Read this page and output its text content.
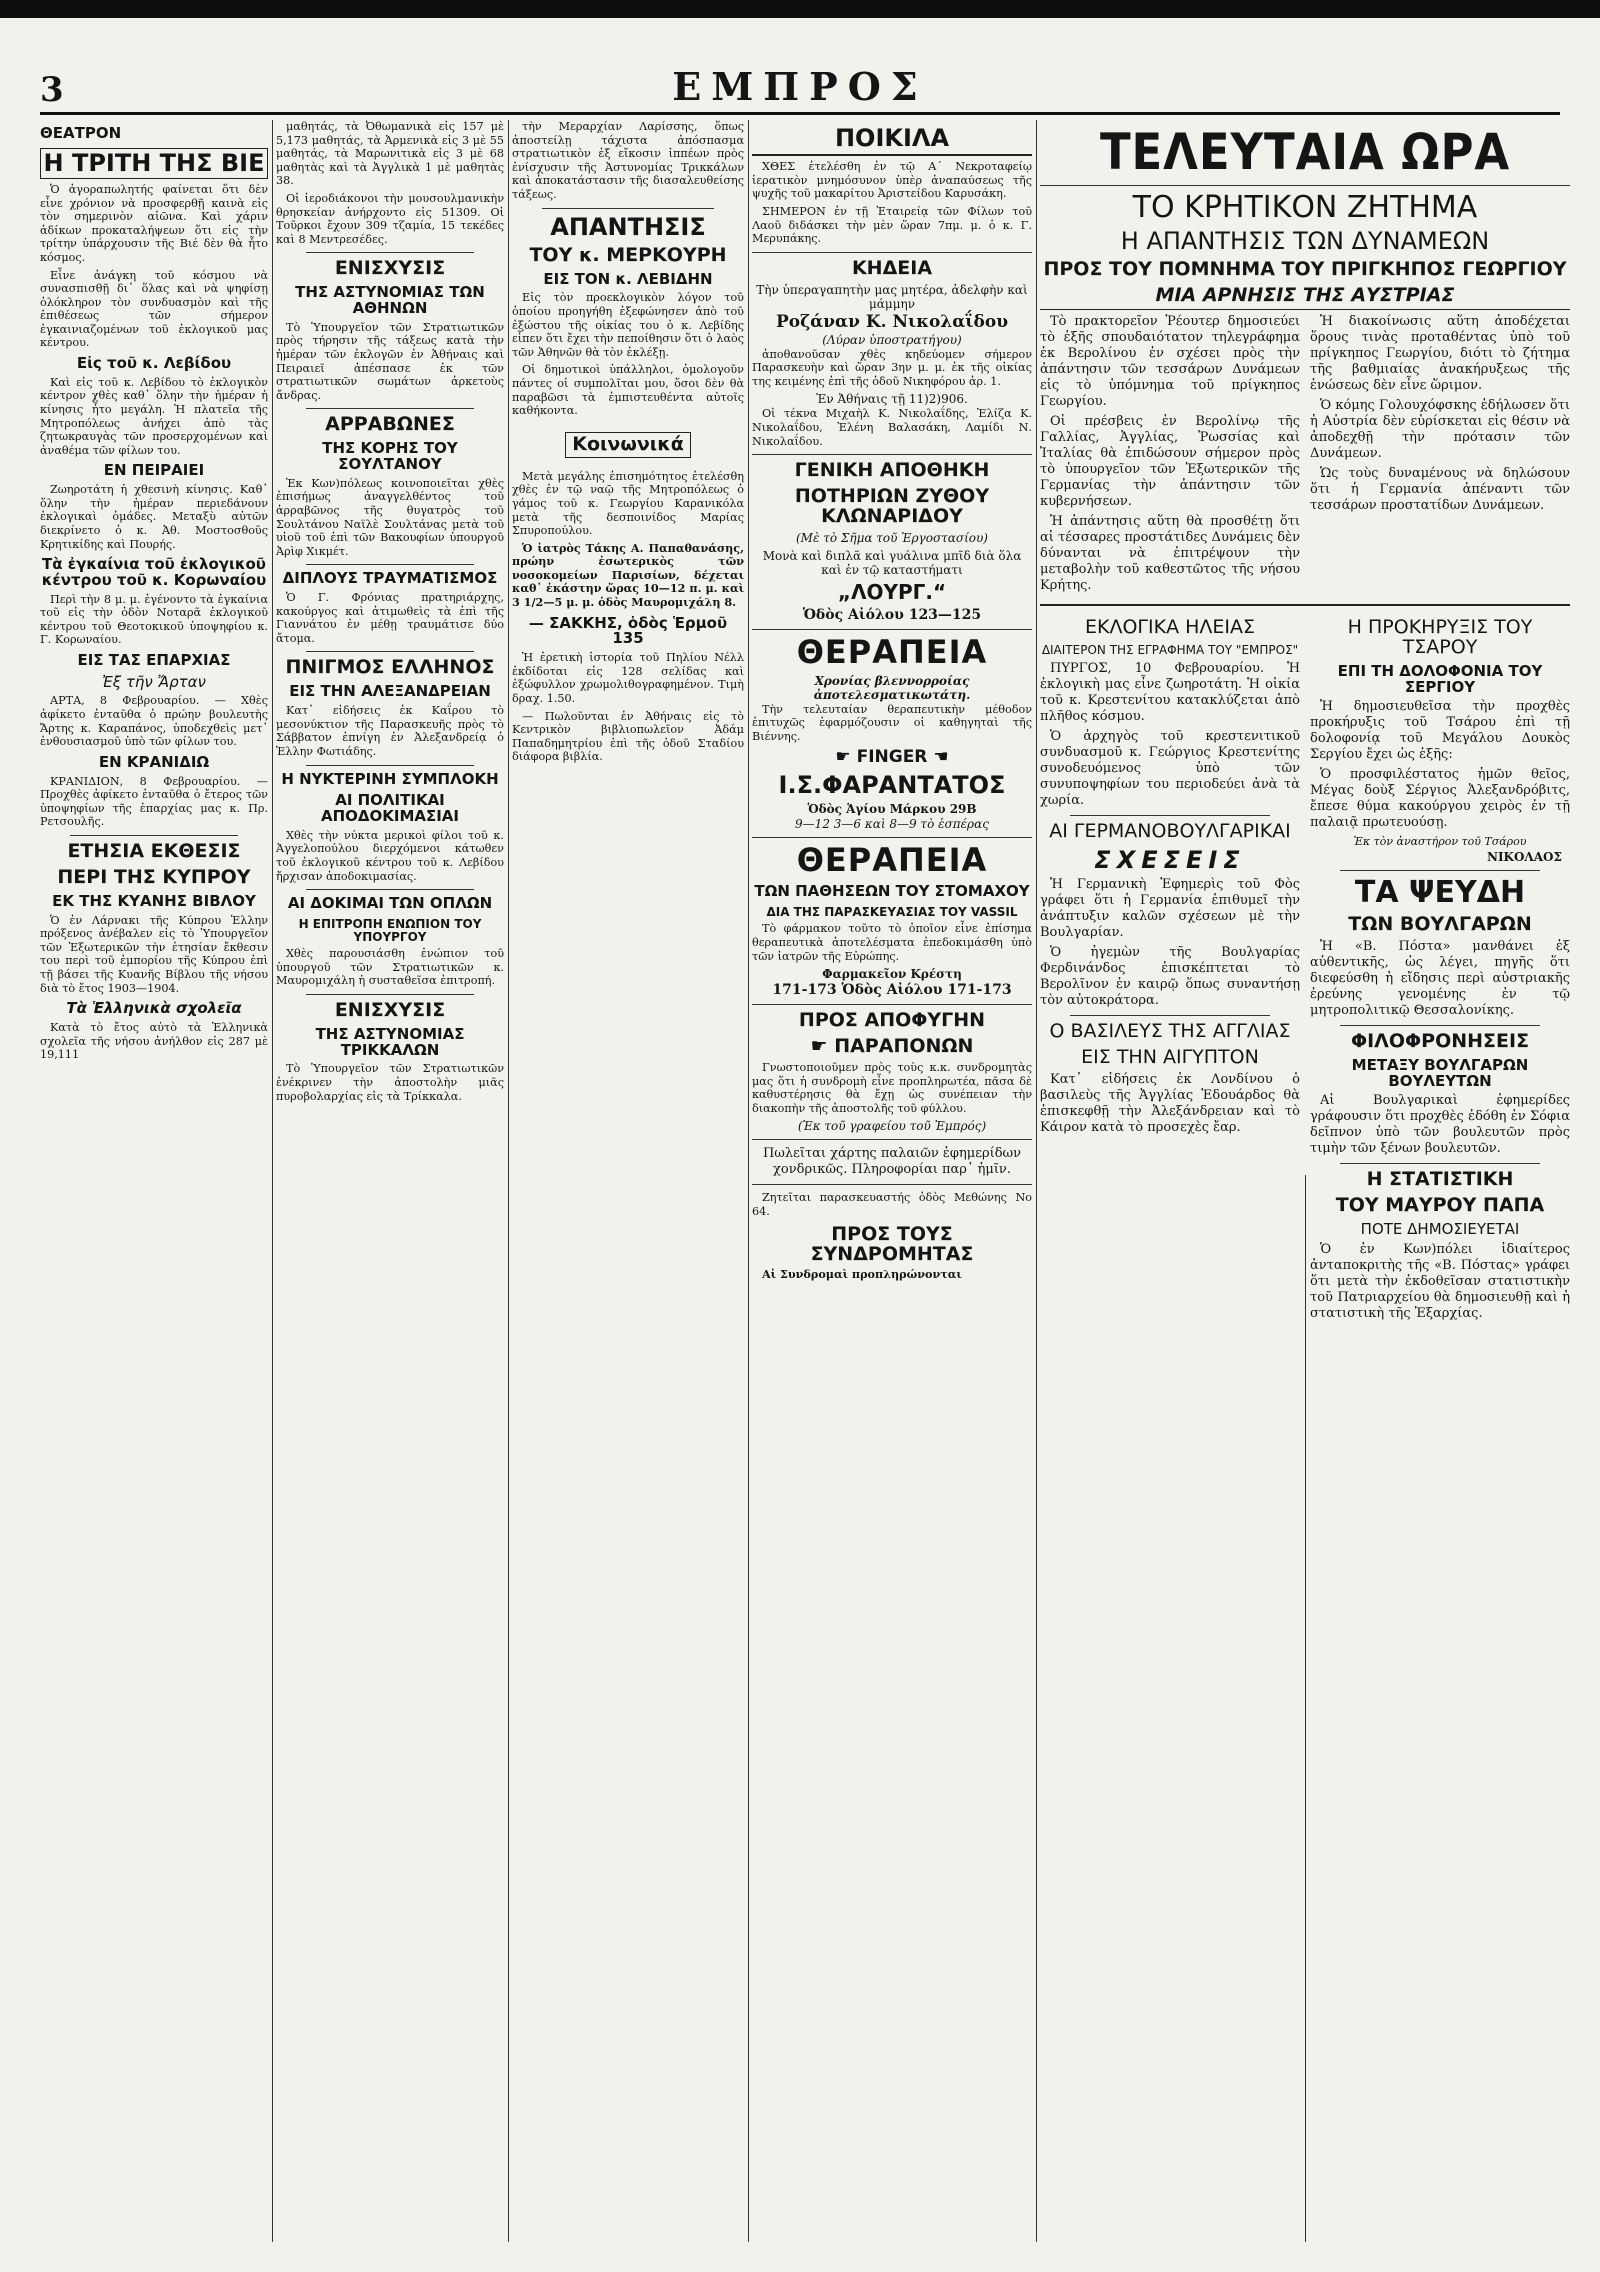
3	ΕΜΠΡΟΣ
ΘΕΑΤΡΟΝ
Η ΤΡΙΤΗ ΤΗΣ ΒΙΕ

Ὁ ἀγοραπωλητής φαίνεται ὅτι δὲν εἶνε χρόνιον νὰ προσφερθῇ καινὰ εἰς τὸν σημερινὸν αἰῶνα. Καὶ χάριν ἀδίκων προκαταλήψεων ὅτι εἰς τὴν τρίτην ὑπάρχουσιν τῆς Βιέ δὲν θὰ ἦτο κόσμος.

Εἶνε ἀνάγκη τοῦ κόσμου νὰ συνασπισθῇ δι᾽ ὅλας καὶ νὰ ψηφίσῃ ὁλόκληρον τὸν συνδυασμὸν καὶ τῆς ἐπιθέσεως τῶν σήμερον ἐγκαινιαζομένων τοῦ ἐκλογικοῦ μας κέντρου.

Εἰς τοῦ κ. Λεβίδου

Καὶ εἰς τοῦ κ. Λεβίδου τὸ ἐκλογικὸν κέντρον χθὲς καθ᾽ ὅλην τὴν ἡμέραν ἡ κίνησις ἦτο μεγάλη. Ἡ πλατεῖα τῆς Μητροπόλεως ἀνήχει ἀπὸ τὰς ζητωκραυγὰς τῶν προσερχομένων καὶ ἀναθέμα τῶν φίλων του.

ΕΝ ΠΕΙΡΑΙΕΙ

Ζωηροτάτη ἡ χθεσινὴ κίνησις. Καθ᾽ ὅλην τὴν ἡμέραν περιεδάνουν ἐκλογικαὶ ὁμάδες. Μεταξὺ αὐτῶν διεκρίνετο ὁ κ. Ἀθ. Μοστοσθοῦς Κρητικίδης καὶ Πουρής.

Τὰ ἐγκαίνια τοῦ ἐκλογικοῦ κέντρου τοῦ κ. Κορωναίου

Περὶ τὴν 8 μ. μ. ἐγένοντο τὰ ἐγκαίνια τοῦ εἰς τὴν ὁδὸν Νοταρᾶ ἐκλογικοῦ κέντρου τοῦ Θεοτοκικοῦ ὑποψηφίου κ. Γ. Κορωναίου.

ΕΙΣ ΤΑΣ ΕΠΑΡΧΙΑΣ
Ἐξ τῆν Ἄρταν

ΑΡΤΑ, 8 Φεβρουαρίου. — Χθὲς ἀφίκετο ἐνταῦθα ὁ πρώην βουλευτὴς Ἄρτης κ. Καραπάνος, ὑποδεχθεὶς μετ᾽ ἐνθουσιασμοῦ ὑπὸ τῶν φίλων του.

ΕΝ ΚΡΑΝΙΔΙΩ

ΚΡΑΝΙΔΙΟΝ, 8 Φεβρουαρίου. — Προχθὲς ἀφίκετο ἐνταῦθα ὁ ἔτερος τῶν ὑποψηφίων τῆς ἐπαρχίας μας κ. Πρ. Ρετσουλῆς.

ΕΤΗΣΙΑ ΕΚΘΕΣΙΣ
ΠΕΡΙ ΤΗΣ ΚΥΠΡΟΥ
ΕΚ ΤΗΣ ΚΥΑΝΗΣ ΒΙΒΛΟΥ

Ὁ ἐν Λάρνακι τῆς Κύπρου Ἑλλην πρόξενος ἀνέβαλεν εἰς τὸ Ὑπουργεῖον τῶν Ἐξωτερικῶν τὴν ἐτησίαν ἔκθεσιν του περὶ τοῦ ἐμπορίου τῆς Κύπρου ἐπὶ τῇ βάσει τῆς Κυανῆς Βίβλου τῆς νήσου διὰ τὸ ἔτος 1903—1904.

Τὰ Ἑλληνικὰ σχολεῖα

Κατὰ τὸ ἔτος αὐτὸ τὰ Ἑλληνικὰ σχολεῖα τῆς νήσου ἀνήλθον εἰς 287 μὲ 19,111

μαθητάς, τὰ Ὀθωμανικὰ εἰς 157 μὲ 5,173 μαθητάς, τὰ Ἀρμενικὰ εἰς 3 μὲ 55 μαθητάς, τὰ Μαρωνιτικὰ εἰς 3 μὲ 68 μαθητὰς καὶ τὰ Ἀγγλικὰ 1 μὲ μαθητὰς 38.

Οἱ ἱεροδιάκονοι τὴν μουσουλμανικὴν θρησκείαν ἀνήρχοντο εἰς 51309. Οἱ Τοῦρκοι ἔχουν 309 τζαμία, 15 τεκέδες καὶ 8 Μεντρεσέδες.

ΕΝΙΣΧΥΣΙΣ
ΤΗΣ ΑΣΤΥΝΟΜΙΑΣ ΤΩΝ ΑΘΗΝΩΝ

Τὸ Ὑπουργεῖον τῶν Στρατιωτικῶν πρὸς τήρησιν τῆς τάξεως κατὰ τὴν ἡμέραν τῶν ἐκλογῶν ἐν Ἀθήναις καὶ Πειραιεῖ ἀπέσπασε ἐκ τῶν στρατιωτικῶν σωμάτων ἀρκετοὺς ἄνδρας.

ΑΡΡΑΒΩΝΕΣ
ΤΗΣ ΚΟΡΗΣ ΤΟΥ ΣΟΥΛΤΑΝΟΥ

Ἐκ Κων)πόλεως κοινοποιεῖται χθὲς ἐπισήμως ἀναγγελθέντος τοῦ ἀρραβῶνος τῆς θυγατρὸς τοῦ Σουλτάνου Ναϊλὲ Σουλτάνας μετὰ τοῦ υἱοῦ τοῦ ἐπὶ τῶν Βακουφίων ὑπουργοῦ Ἀρὶφ Χικμέτ.

ΔΙΠΛΟΥΣ ΤΡΑΥΜΑΤΙΣΜΟΣ

Ὁ Γ. Φρόνιας πρατηριάρχης, κακούργος καὶ ἀτιμωθεὶς τὰ ἐπὶ τῆς Γιαννάτου ἐν μέθῃ τραυμάτισε δύο ἄτομα.

ΠΝΙΓΜΟΣ ΕΛΛΗΝΟΣ
ΕΙΣ ΤΗΝ ΑΛΕΞΑΝΔΡΕΙΑΝ

Κατ᾽ εἰδήσεις ἐκ Καΐρου τὸ μεσονύκτιον τῆς Παρασκευῆς πρὸς τὸ Σάββατον ἐπνίγη ἐν Ἀλεξανδρείᾳ ὁ Ἑλλην Φωτιάδης.

Η ΝΥΚΤΕΡΙΝΗ ΣΥΜΠΛΟΚΗ
ΑΙ ΠΟΛΙΤΙΚΑΙ ΑΠΟΔΟΚΙΜΑΣΙΑΙ

Χθὲς τὴν νύκτα μερικοὶ φίλοι τοῦ κ. Ἀγγελοπούλου διερχόμενοι κάτωθεν τοῦ ἐκλογικοῦ κέντρου τοῦ κ. Λεβίδου ἤρχισαν ἀποδοκιμασίας.

ΑΙ ΔΟΚΙΜΑΙ ΤΩΝ ΟΠΛΩΝ
Η ΕΠΙΤΡΟΠΗ ΕΝΩΠΙΟΝ ΤΟΥ ΥΠΟΥΡΓΟΥ

Χθὲς παρουσιάσθη ἐνώπιον τοῦ ὑπουργοῦ τῶν Στρατιωτικῶν κ. Μαυρομιχάλη ἡ συσταθεῖσα ἐπιτροπή.

ΕΝΙΣΧΥΣΙΣ
ΤΗΣ ΑΣΤΥΝΟΜΙΑΣ ΤΡΙΚΚΑΛΩΝ

Τὸ Ὑπουργεῖον τῶν Στρατιωτικῶν ἐνέκρινεν τὴν ἀποστολὴν μιᾶς πυροβολαρχίας εἰς τὰ Τρίκκαλα.

τὴν Μεραρχίαν Λαρίσσης, ὅπως ἀποστείλῃ τάχιστα ἀπόσπασμα στρατιωτικὸν ἐξ εἴκοσιν ἱππέων πρὸς ἐνίσχυσιν τῆς Ἀστυνομίας Τρικκάλων καὶ ἀποκατάστασιν τῆς διασαλευθείσης τάξεως.

ΑΠΑΝΤΗΣΙΣ
ΤΟΥ κ. ΜΕΡΚΟΥΡΗ
ΕΙΣ ΤΟΝ κ. ΛΕΒΙΔΗΝ

Εἰς τὸν προεκλογικὸν λόγον τοῦ ὁποίου προηγήθη ἐξεφώνησεν ἀπὸ τοῦ ἐξώστου τῆς οἰκίας του ὁ κ. Λεβίδης εἶπεν ὅτι ἔχει τὴν πεποίθησιν ὅτι ὁ λαὸς τῶν Ἀθηνῶν θὰ τὸν ἐκλέξῃ.

Οἱ δημοτικοὶ ὑπάλληλοι, ὁμολογοῦν πάντες οἱ συμπολῖται μου, ὅσοι δὲν θὰ παραβῶσι τὰ ἐμπιστευθέντα αὐτοῖς καθήκοντα.

Κοινωνικά

Μετὰ μεγάλης ἐπισημότητος ἐτελέσθη χθὲς ἐν τῷ ναῷ τῆς Μητροπόλεως ὁ γάμος τοῦ κ. Γεωργίου Καρανικόλα μετὰ τῆς δεσποινίδος Μαρίας Σπυροπούλου.

Ὁ ἰατρὸς Τάκης Α. Παπαθανάσης, πρώην ἐσωτερικὸς τῶν νοσοκομείων Παρισίων, δέχεται καθ᾽ ἑκάστην ὥρας 10—12 π. μ. καὶ 3 1/2—5 μ. μ. ὁδὸς Μαυρομιχάλη 8.

— ΣΑΚΚΗΣ, ὁδὸς Ἑρμοῦ 135

Ἡ ἐρετικὴ ἱστορία τοῦ Πηλίου Νέλλ ἐκδίδοται εἰς 128 σελίδας καὶ ἐξώφυλλον χρωμολιθογραφημένον. Τιμὴ δραχ. 1.50.

— Πωλοῦνται ἐν Ἀθήναις εἰς τὸ Κεντρικὸν βιβλιοπωλεῖον Ἀδάμ Παπαδημητρίου ἐπὶ τῆς ὁδοῦ Σταδίου διάφορα βιβλία.

ΠΟΙΚΙΛΑ

ΧΘΕΣ ἐτελέσθη ἐν τῷ Α΄ Νεκροταφείῳ ἱερατικὸν μνημόσυνον ὑπὲρ ἀναπαύσεως τῆς ψυχῆς τοῦ μακαρίτου Ἀριστείδου Καρυσάκη.

ΣΗΜΕΡΟΝ ἐν τῇ Ἐταιρείᾳ τῶν Φίλων τοῦ Λαοῦ διδάσκει τὴν μὲν ὥραν 7πμ. μ. ὁ κ. Γ. Μερυπάκης.

ΚΗΔΕΙΑ
Τὴν ὑπεραγαπητὴν μας μητέρα, ἀδελφὴν καὶ μάμμην
Ροζάναν Κ. Νικολαΐδου
(Λύραν ὑποστρατήγου)

ἀποθανοῦσαν χθὲς κηδεύομεν σήμερον Παρασκευὴν καὶ ὥραν 3ην μ. μ. ἐκ τῆς οἰκίας της κειμένης ἐπὶ τῆς ὁδοῦ Νικηφόρου ἀρ. 1.

Ἐν Ἀθήναις τῇ 11)2)906.

Οἱ τέκνα Μιχαὴλ Κ. Νικολαΐδης, Ἐλίζα Κ. Νικολαΐδου, Ἑλένη Βαλασάκη, Λαμίδι Ν. Νικολαΐδου.

ΓΕΝΙΚΗ ΑΠΟΘΗΚΗ
ΠΟΤΗΡΙΩΝ ΖΥΘΟΥ ΚΛΩΝΑΡΙΔΟΥ
(Μὲ τὸ Σῆμα τοῦ Ἐργοστασίου)
Μονὰ καὶ διπλᾶ καὶ γυάλινα μπῖδ διὰ ὅλα καὶ ἐν τῷ καταστήματι
„ΛΟΥΡΓ.“
Ὁδὸς Αἰόλου 123—125
ΘΕΡΑΠΕΙΑ
Χρονίας βλεννορροίας ἀποτελεσματικωτάτη.

Τὴν τελευταίαν θεραπευτικὴν μέθοδον ἐπιτυχῶς ἐφαρμόζουσιν οἱ καθηγηταὶ τῆς Βιέννης.

☛ FINGER ☚
Ι.Σ.ΦΑΡΑΝΤΑΤΟΣ
Ὁδὸς Ἁγίου Μάρκου 29Β
9—12 3—6 καὶ 8—9 τὸ ἑσπέρας
ΘΕΡΑΠΕΙΑ
ΤΩΝ ΠΑΘΗΣΕΩΝ ΤΟΥ ΣΤΟΜΑΧΟΥ
ΔΙΑ ΤΗΣ ΠΑΡΑΣΚΕΥΑΣΙΑΣ ΤΟΥ VASSIL

Τὸ φάρμακον τοῦτο τὸ ὁποῖον εἶνε ἐπίσημα θεραπευτικὰ ἀποτελέσματα ἐπεδοκιμάσθη ὑπὸ τῶν ἰατρῶν τῆς Εὐρώπης.

Φαρμακεῖον Κρέστη
171-173 Ὁδὸς Αἰόλου 171-173
ΠΡΟΣ ΑΠΟΦΥΓΗΝ
☛ ΠΑΡΑΠΟΝΩΝ

Γνωστοποιοῦμεν πρὸς τοὺς κ.κ. συνδρομητὰς μας ὅτι ἡ συνδρομὴ εἶνε προπληρωτέα, πᾶσα δὲ καθυστέρησις θὰ ἔχῃ ὡς συνέπειαν τὴν διακοπὴν τῆς ἀποστολῆς τοῦ φύλλου.

(Ἐκ τοῦ γραφείου τοῦ Ἐμπρός)

Πωλεῖται χάρτης παλαιῶν ἐφημερίδων χονδρικῶς. Πληροφορίαι παρ᾽ ἡμῖν.

Ζητεῖται παρασκευαστής ὁδὸς Μεθώνης Νο 64.

ΠΡΟΣ ΤΟΥΣ ΣΥΝΔΡΟΜΗΤΑΣ

Αἱ Συνδρομαὶ προπληρώνονται

ΤΕΛΕΥΤΑΙΑ ΩΡΑ
ΤΟ ΚΡΗΤΙΚΟΝ ΖΗΤΗΜΑ
Η ΑΠΑΝΤΗΣΙΣ ΤΩΝ ΔΥΝΑΜΕΩΝ
ΠΡΟΣ ΤΟΥ ΠΟΜΝΗΜΑ ΤΟΥ ΠΡΙΓΚΗΠΟΣ ΓΕΩΡΓΙΟΥ
ΜΙΑ ΑΡΝΗΣΙΣ ΤΗΣ ΑΥΣΤΡΙΑΣ

Τὸ πρακτορεῖον Ῥέουτερ δημοσιεύει τὸ ἐξῆς σπουδαιότατον τηλεγράφημα ἐκ Βερολίνου ἐν σχέσει πρὸς τὴν ἀπάντησιν τῶν τεσσάρων Δυνάμεων εἰς τὸ ὑπόμνημα τοῦ πρίγκηπος Γεωργίου.

Οἱ πρέσβεις ἐν Βερολίνῳ τῆς Γαλλίας, Ἀγγλίας, Ῥωσσίας καὶ Ἰταλίας θὰ ἐπιδώσουν σήμερον πρὸς τὸ ὑπουργεῖον τῶν Ἐξωτερικῶν τῆς Γερμανίας τὴν ἀπάντησιν τῶν κυβερνήσεων.

Ἡ ἀπάντησις αὕτη θὰ προσθέτῃ ὅτι αἱ τέσσαρες προστάτιδες Δυνάμεις δὲν δύνανται νὰ ἐπιτρέψουν τὴν μεταβολὴν τοῦ καθεστῶτος τῆς νήσου Κρήτης.

Ἡ διακοίνωσις αὕτη ἀποδέχεται ὅρους τινὰς προταθέντας ὑπὸ τοῦ πρίγκηπος Γεωργίου, διότι τὸ ζήτημα τῆς βαθμιαίας ἀνακήρυξεως τῆς ἑνώσεως δὲν εἶνε ὥριμον.

Ὁ κόμης Γολουχόφσκης ἐδήλωσεν ὅτι ἡ Αὐστρία δὲν εὑρίσκεται εἰς θέσιν νὰ ἀποδεχθῇ τὴν πρότασιν τῶν Δυνάμεων.

Ὡς τοὺς δυναμένους νὰ δηλώσουν ὅτι ἡ Γερμανία ἀπέναντι τῶν τεσσάρων προστατίδων Δυνάμεων.

ΕΚΛΟΓΙΚΑ ΗΛΕΙΑΣ
ΔΙΑΙΤΕΡΟΝ ΤΗΣ ΕΓΡΑΦΗΜΑ ΤΟΥ "ΕΜΠΡΟΣ"

ΠΥΡΓΟΣ, 10 Φεβρουαρίου. Ἡ ἐκλογικὴ μας εἶνε ζωηροτάτη. Ἡ οἰκία τοῦ κ. Κρεστενίτου κατακλύζεται ἀπὸ πλῆθος κόσμου.

Ὁ ἀρχηγὸς τοῦ κρεστενιτικοῦ συνδυασμοῦ κ. Γεώργιος Κρεστενίτης συνοδευόμενος ὑπὸ τῶν συνυποψηφίων του περιοδεύει ἀνὰ τὰ χωρία.

ΑΙ ΓΕΡΜΑΝΟΒΟΥΛΓΑΡΙΚΑΙ
ΣΧΕΣΕΙΣ

Ἡ Γερμανικὴ Ἐφημερὶς τοῦ Φὸς γράφει ὅτι ἡ Γερμανία ἐπιθυμεῖ τὴν ἀνάπτυξιν καλῶν σχέσεων μὲ τὴν Βουλγαρίαν.

Ὁ ἡγεμὼν τῆς Βουλγαρίας Φερδινάνδος ἐπισκέπτεται τὸ Βερολῖνον ἐν καιρῷ ὅπως συναντήσῃ τὸν αὐτοκράτορα.

Ο ΒΑΣΙΛΕΥΣ ΤΗΣ ΑΓΓΛΙΑΣ
ΕΙΣ ΤΗΝ ΑΙΓΥΠΤΟΝ

Κατ᾽ εἰδήσεις ἐκ Λονδίνου ὁ βασιλεὺς τῆς Ἀγγλίας Ἐδουάρδος θὰ ἐπισκεφθῇ τὴν Ἀλεξάνδρειαν καὶ τὸ Κάιρον κατὰ τὸ προσεχὲς ἔαρ.

Η ΠΡΟΚΗΡΥΞΙΣ ΤΟΥ ΤΣΑΡΟΥ
ΕΠΙ ΤΗ ΔΟΛΟΦΟΝΙΑ ΤΟΥ ΣΕΡΓΙΟΥ

Ἡ δημοσιευθεῖσα τὴν προχθὲς προκήρυξις τοῦ Τσάρου ἐπὶ τῇ δολοφονίᾳ τοῦ Μεγάλου Δουκὸς Σεργίου ἔχει ὡς ἑξῆς:

Ὁ προσφιλέστατος ἡμῶν θεῖος, Μέγας δοὺξ Σέργιος Ἀλεξανδρόβιτς, ἔπεσε θύμα κακούργου χειρὸς ἐν τῇ παλαιᾷ πρωτευούσῃ.

Ἐκ τὸν ἀναστήρον τοῦ Τσάρου
ΝΙΚΟΛΑΟΣ
ΤΑ ΨΕΥΔΗ
ΤΩΝ ΒΟΥΛΓΑΡΩΝ

Ἡ «Β. Πόστα» μανθάνει ἐξ αὐθεντικῆς, ὡς λέγει, πηγῆς ὅτι διεφεύσθη ἡ εἴδησις περὶ αὐστριακῆς ἐρεύνης γενομένης ἐν τῷ μητροπολιτικῷ Θεσσαλονίκης.

ΦΙΛΟΦΡΟΝΗΣΕΙΣ
ΜΕΤΑΞΥ ΒΟΥΛΓΑΡΩΝ ΒΟΥΛΕΥΤΩΝ

Αἱ Βουλγαρικαὶ ἐφημερίδες γράφουσιν ὅτι προχθὲς ἐδόθη ἐν Σόφια δεῖπνον ὑπὸ τῶν βουλευτῶν πρὸς τιμὴν τῶν ξένων βουλευτῶν.

Η ΣΤΑΤΙΣΤΙΚΗ
ΤΟΥ ΜΑΥΡΟΥ ΠΑΠΑ
ΠΟΤΕ ΔΗΜΟΣΙΕΥΕΤΑΙ

Ὁ ἐν Κων)πόλει ἰδιαίτερος ἀνταποκριτὴς τῆς «Β. Πόστας» γράφει ὅτι μετὰ τὴν ἐκδοθεῖσαν στατιστικὴν τοῦ Πατριαρχείου θὰ δημοσιευθῇ καὶ ἡ στατιστικὴ τῆς Ἐξαρχίας.
